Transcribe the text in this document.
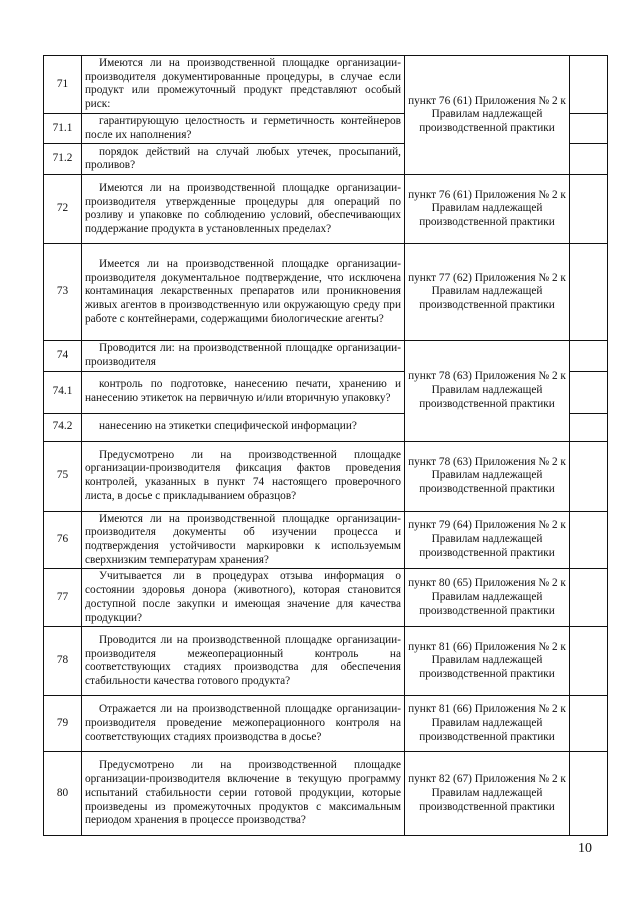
71	Имеются ли на производственной площадке организации-производителя документированные процедуры, в случае если продукт или промежуточный продукт представляют особый риск:	пункт 76 (61) Приложения № 2 к Правилам надлежащей производственной практики	
71.1	гарантирующую целостность и герметичность контейнеров после их наполнения?		

71.2	порядок действий на случай любых утечек, просыпаний, проливов?		

72	Имеются ли на производственной площадке организации-производителя утвержденные процедуры для операций по розливу и упаковке по соблюдению условий, обеспечивающих поддержание продукта в установленных пределах?	пункт 76 (61) Приложения № 2 к Правилам надлежащей производственной практики	
73	Имеется ли на производственной площадке организации-производителя документальное подтверждение, что исключена контаминация лекарственных препаратов или проникновения живых агентов в производственную или окружающую среду при работе с контейнерами, содержащими биологические агенты?	пункт 77 (62) Приложения № 2 к Правилам надлежащей производственной практики	
74	Проводится ли: на производственной площадке организации-производителя	пункт 78 (63) Приложения № 2 к Правилам надлежащей производственной практики	
74.1	контроль по подготовке, нанесению печати, хранению и нанесению этикеток на первичную и/или вторичную упаковку?		

74.2	нанесению на этикетки специфической информации?		

75	Предусмотрено ли на производственной площадке организации-производителя фиксация фактов проведения контролей, указанных в пункт 74 настоящего проверочного листа, в досье с прикладыванием образцов?	пункт 78 (63) Приложения № 2 к Правилам надлежащей производственной практики	
76	Имеются ли на производственной площадке организации-производителя документы об изучении процесса и подтверждения устойчивости маркировки к используемым сверхнизким температурам хранения?	пункт 79 (64) Приложения № 2 к Правилам надлежащей производственной практики	
77	Учитывается ли в процедурах отзыва информация о состоянии здоровья донора (животного), которая становится доступной после закупки и имеющая значение для качества продукции?	пункт 80 (65) Приложения № 2 к Правилам надлежащей производственной практики	
78	Проводится ли на производственной площадке организации-производителя межеоперационный контроль на соответствующих стадиях производства для обеспечения стабильности качества готового продукта?	пункт 81 (66) Приложения № 2 к Правилам надлежащей производственной практики	
79	Отражается ли на производственной площадке организации-производителя проведение межоперационного контроля на соответствующих стадиях производства в досье?	пункт 81 (66) Приложения № 2 к Правилам надлежащей производственной практики	
80	Предусмотрено ли на производственной площадке организации-производителя включение в текущую программу испытаний стабильности серии готовой продукции, которые произведены из промежуточных продуктов с максимальным периодом хранения в процессе производства?	пункт 82 (67) Приложения № 2 к Правилам надлежащей производственной практики	
10
